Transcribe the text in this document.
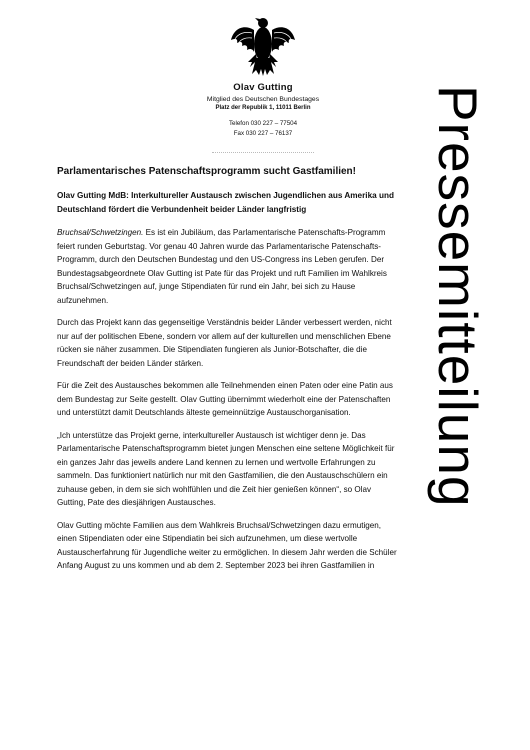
Olav Gutting
Mitglied des Deutschen Bundestages
Platz der Republik 1, 11011 Berlin
Telefon 030 227 – 77504
Fax 030 227 – 76137	Pressemitteilung
Parlamentarisches Patenschaftsprogramm sucht Gastfamilien!
Olav Gutting MdB: Interkultureller Austausch zwischen Jugendlichen aus Amerika und Deutschland fördert die Verbundenheit beider Länder langfristig

Bruchsal/Schwetzingen. Es ist ein Jubiläum, das Parlamentarische Patenschafts-Programm feiert runden Geburtstag. Vor genau 40 Jahren wurde das Parlamentarische Patenschafts-Programm, durch den Deutschen Bundestag und den US-Congress ins Leben gerufen. Der Bundestagsabgeordnete Olav Gutting ist Pate für das Projekt und ruft Familien im Wahlkreis Bruchsal/Schwetzingen auf, junge Stipendiaten für rund ein Jahr, bei sich zu Hause aufzunehmen.

Durch das Projekt kann das gegenseitige Verständnis beider Länder verbessert werden, nicht nur auf der politischen Ebene, sondern vor allem auf der kulturellen und menschlichen Ebene rücken sie näher zusammen. Die Stipendiaten fungieren als Junior-Botschafter, die die Freundschaft der beiden Länder stärken.

Für die Zeit des Austausches bekommen alle Teilnehmenden einen Paten oder eine Patin aus dem Bundestag zur Seite gestellt. Olav Gutting übernimmt wiederholt eine der Patenschaften und unterstützt damit Deutschlands älteste gemeinnützige Austauschorganisation.

„Ich unterstütze das Projekt gerne, interkultureller Austausch ist wichtiger denn je. Das Parlamentarische Patenschaftsprogramm bietet jungen Menschen eine seltene Möglichkeit für ein ganzes Jahr das jeweils andere Land kennen zu lernen und wertvolle Erfahrungen zu sammeln. Das funktioniert natürlich nur mit den Gastfamilien, die den Austauschschülern ein zuhause geben, in dem sie sich wohlfühlen und die Zeit hier genießen können“, so Olav Gutting, Pate des diesjährigen Austausches.

Olav Gutting möchte Familien aus dem Wahlkreis Bruchsal/Schwetzingen dazu ermutigen, einen Stipendiaten oder eine Stipendiatin bei sich aufzunehmen, um diese wertvolle Austauscherfahrung für Jugendliche weiter zu ermöglichen. In diesem Jahr werden die Schüler Anfang August zu uns kommen und ab dem 2. September 2023 bei ihren Gastfamilien in
